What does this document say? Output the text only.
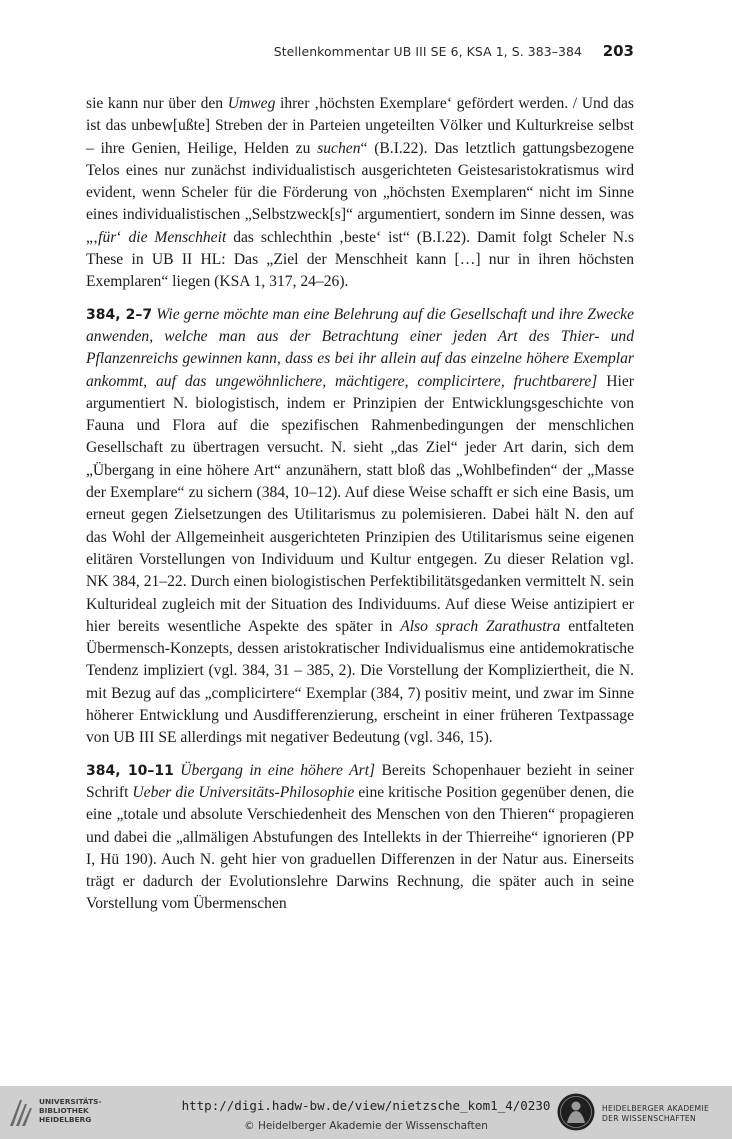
Stellenkommentar UB III SE 6, KSA 1, S. 383–384 203

sie kann nur über den Umweg ihrer ‚höchsten Exemplare‘ gefördert werden. / Und das ist das unbew[ußte] Streben der in Parteien ungeteilten Völker und Kulturkreise selbst – ihre Genien, Heilige, Helden zu suchen“ (B.I.22). Das letztlich gattungsbezogene Telos eines nur zunächst individualistisch ausgerichteten Geistesaristokratismus wird evident, wenn Scheler für die Förderung von „höchsten Exemplaren“ nicht im Sinne eines individualistischen „Selbstzweck[s]“ argumentiert, sondern im Sinne dessen, was „‚für‘ die Menschheit das schlechthin ‚beste‘ ist“ (B.I.22). Damit folgt Scheler N.s These in UB II HL: Das „Ziel der Menschheit kann […] nur in ihren höchsten Exemplaren“ liegen (KSA 1, 317, 24–26).

384, 2–7 Wie gerne möchte man eine Belehrung auf die Gesellschaft und ihre Zwecke anwenden, welche man aus der Betrachtung einer jeden Art des Thier- und Pflanzenreichs gewinnen kann, dass es bei ihr allein auf das einzelne höhere Exemplar ankommt, auf das ungewöhnlichere, mächtigere, complicirtere, fruchtbarere] Hier argumentiert N. biologistisch, indem er Prinzipien der Entwicklungsgeschichte von Fauna und Flora auf die spezifischen Rahmenbedingungen der menschlichen Gesellschaft zu übertragen versucht. N. sieht „das Ziel“ jeder Art darin, sich dem „Übergang in eine höhere Art“ anzunähern, statt bloß das „Wohlbefinden“ der „Masse der Exemplare“ zu sichern (384, 10–12). Auf diese Weise schafft er sich eine Basis, um erneut gegen Zielsetzungen des Utilitarismus zu polemisieren. Dabei hält N. den auf das Wohl der Allgemeinheit ausgerichteten Prinzipien des Utilitarismus seine eigenen elitären Vorstellungen von Individuum und Kultur entgegen. Zu dieser Relation vgl. NK 384, 21–22. Durch einen biologistischen Perfektibilitätsgedanken vermittelt N. sein Kulturideal zugleich mit der Situation des Individuums. Auf diese Weise antizipiert er hier bereits wesentliche Aspekte des später in Also sprach Zarathustra entfalteten Übermensch-Konzepts, dessen aristokratischer Individualismus eine antidemokratische Tendenz impliziert (vgl. 384, 31 – 385, 2). Die Vorstellung der Kompliziertheit, die N. mit Bezug auf das „complicirtere“ Exemplar (384, 7) positiv meint, und zwar im Sinne höherer Entwicklung und Ausdifferenzierung, erscheint in einer früheren Textpassage von UB III SE allerdings mit negativer Bedeutung (vgl. 346, 15).

384, 10–11 Übergang in eine höhere Art] Bereits Schopenhauer bezieht in seiner Schrift Ueber die Universitäts-Philosophie eine kritische Position gegenüber denen, die eine „totale und absolute Verschiedenheit des Menschen von den Thieren“ propagieren und dabei die „allmäligen Abstufungen des Intellekts in der Thierreihe“ ignorieren (PP I, Hü 190). Auch N. geht hier von graduellen Differenzen in der Natur aus. Einerseits trägt er dadurch der Evolutionslehre Darwins Rechnung, die später auch in seine Vorstellung vom Übermenschen

UNIVERSITÄTS-
BIBLIOTHEK
HEIDELBERG
http://digi.hadw-bw.de/view/nietzsche_kom1_4/0230
© Heidelberger Akademie der Wissenschaften
HEIDELBERGER AKADEMIE
DER WISSENSCHAFTEN
